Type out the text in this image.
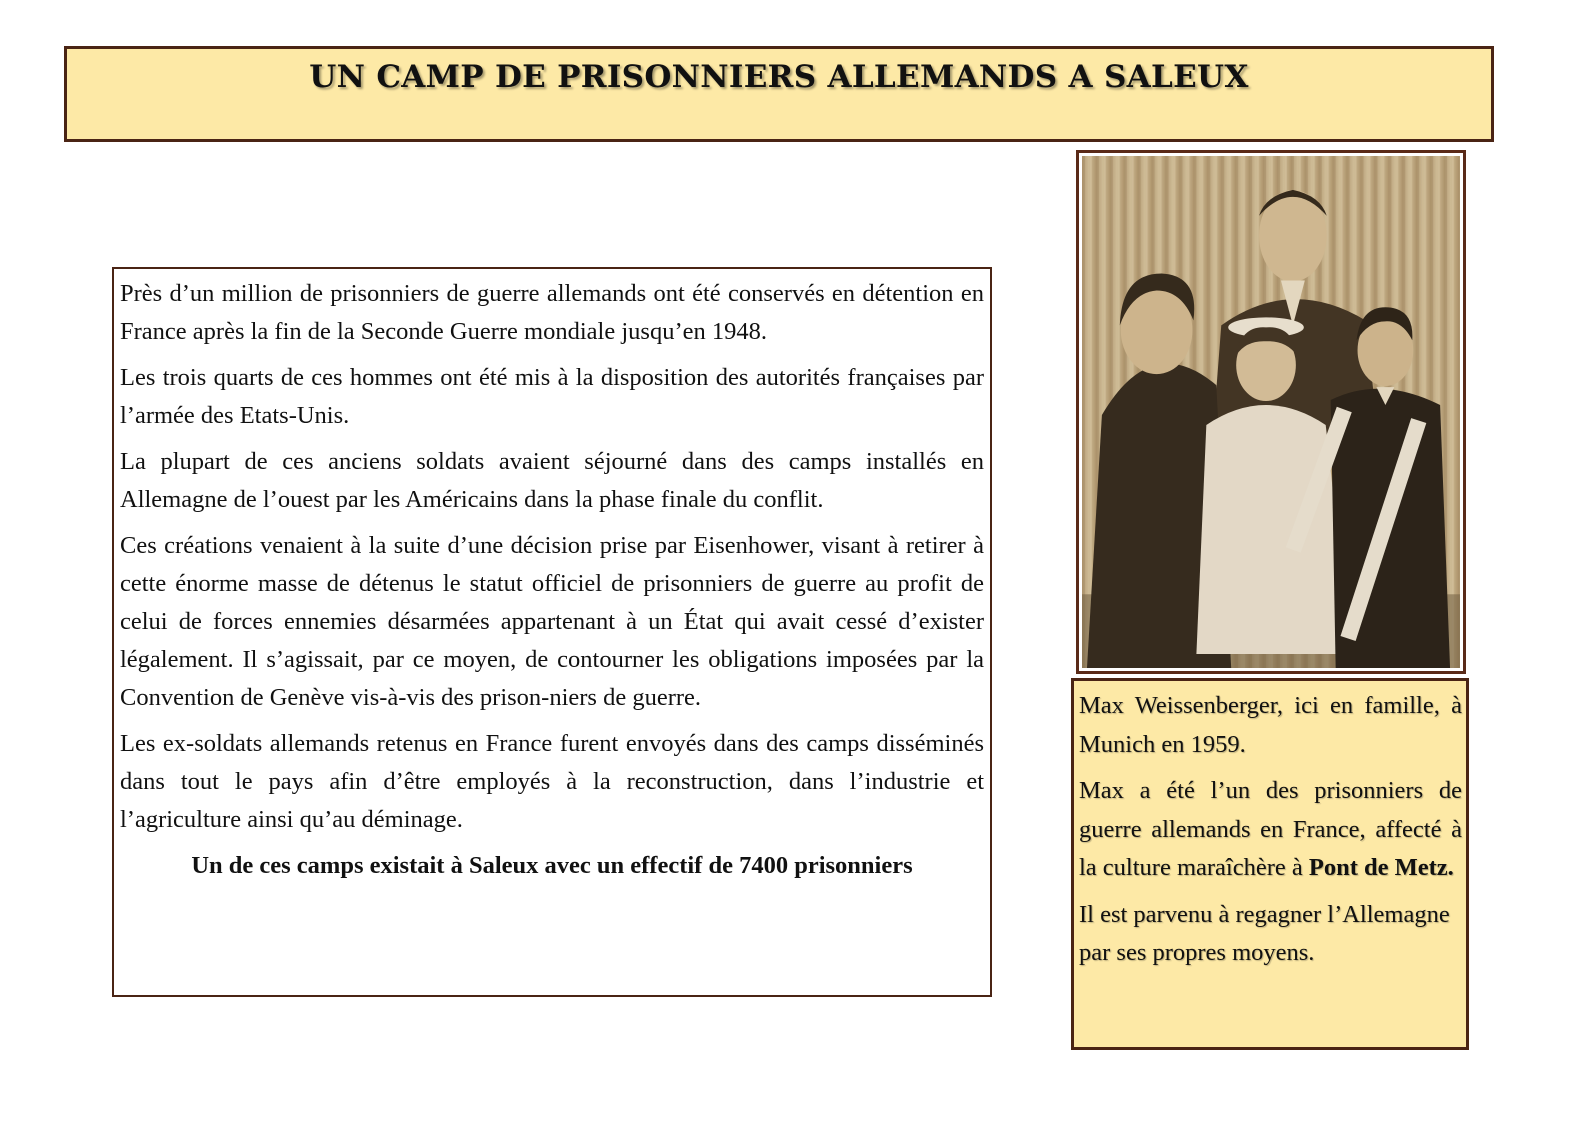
UN CAMP DE PRISONNIERS ALLEMANDS A SALEUX

Près d’un million de prisonniers de guerre allemands ont été conservés en détention en France après la fin de la Seconde Guerre mondiale jusqu’en 1948.

Les trois quarts de ces hommes ont été mis à la disposition des autorités françaises par l’armée des Etats-Unis.

La plupart de ces anciens soldats avaient séjourné dans des camps installés en Allemagne de l’ouest par les Américains dans la phase finale du conflit.

Ces créations venaient à la suite d’une décision prise par Eisenhower, visant à retirer à cette énorme masse de détenus le statut officiel de prisonniers de guerre au profit de celui de forces ennemies désarmées appartenant à un État qui avait cessé d’exister légalement. Il s’agissait, par ce moyen, de contourner les obligations imposées par la Convention de Genève vis-à-vis des prison-niers de guerre.

Les ex-soldats allemands retenus en France furent envoyés dans des camps disséminés dans tout le pays afin d’être employés à la reconstruction, dans l’industrie et l’agriculture ainsi qu’au déminage.

Un de ces camps existait à Saleux avec un effectif de 7400 prisonniers

Max Weissenberger, ici en famille, à Munich en 1959.

Max a été l’un des prisonniers de guerre allemands en France, affecté à la culture maraîchère à Pont de Metz.

Il est parvenu à regagner l’Allemagne par ses propres moyens.
